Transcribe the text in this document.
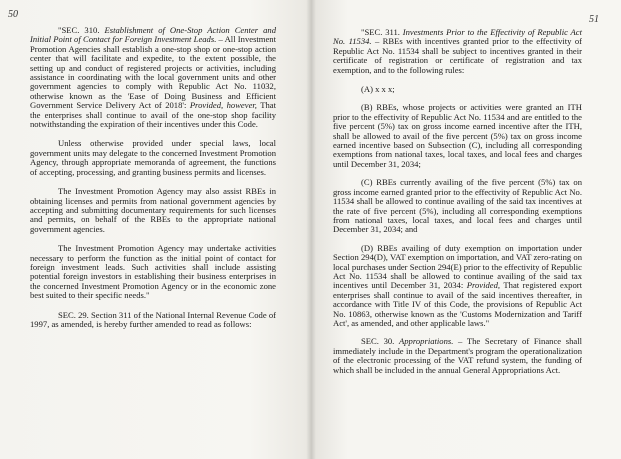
50

"SEC. 310. Establishment of One-Stop Action Center and Initial Point of Contact for Foreign Investment Leads. – All Investment Promotion Agencies shall establish a one-stop shop or one-stop action center that will facilitate and expedite, to the extent possible, the setting up and conduct of registered projects or activities, including assistance in coordinating with the local government units and other government agencies to comply with Republic Act No. 11032, otherwise known as the 'Ease of Doing Business and Efficient Government Service Delivery Act of 2018': Provided, however, That the enterprises shall continue to avail of the one-stop shop facility notwithstanding the expiration of their incentives under this Code.

Unless otherwise provided under special laws, local government units may delegate to the concerned Investment Promotion Agency, through appropriate memoranda of agreement, the functions of accepting, processing, and granting business permits and licenses.

The Investment Promotion Agency may also assist RBEs in obtaining licenses and permits from national government agencies by accepting and submitting documentary requirements for such licenses and permits, on behalf of the RBEs to the appropriate national government agencies.

The Investment Promotion Agency may undertake activities necessary to perform the function as the initial point of contact for foreign investment leads. Such activities shall include assisting potential foreign investors in establishing their business enterprises in the concerned Investment Promotion Agency or in the economic zone best suited to their specific needs."

SEC. 29. Section 311 of the National Internal Revenue Code of 1997, as amended, is hereby further amended to read as follows:

51

"SEC. 311. Investments Prior to the Effectivity of Republic Act No. 11534. – RBEs with incentives granted prior to the effectivity of Republic Act No. 11534 shall be subject to incentives granted in their certificate of registration or certificate of registration and tax exemption, and to the following rules:

(A) x x x;

(B) RBEs, whose projects or activities were granted an ITH prior to the effectivity of Republic Act No. 11534 and are entitled to the five percent (5%) tax on gross income earned incentive after the ITH, shall be allowed to avail of the five percent (5%) tax on gross income earned incentive based on Subsection (C), including all corresponding exemptions from national taxes, local taxes, and local fees and charges until December 31, 2034;

(C) RBEs currently availing of the five percent (5%) tax on gross income earned granted prior to the effectivity of Republic Act No. 11534 shall be allowed to continue availing of the said tax incentives at the rate of five percent (5%), including all corresponding exemptions from national taxes, local taxes, and local fees and charges until December 31, 2034; and

(D) RBEs availing of duty exemption on importation under Section 294(D), VAT exemption on importation, and VAT zero-rating on local purchases under Section 294(E) prior to the effectivity of Republic Act No. 11534 shall be allowed to continue availing of the said tax incentives until December 31, 2034: Provided, That registered export enterprises shall continue to avail of the said incentives thereafter, in accordance with Title IV of this Code, the provisions of Republic Act No. 10863, otherwise known as the 'Customs Modernization and Tariff Act', as amended, and other applicable laws."

SEC. 30. Appropriations. – The Secretary of Finance shall immediately include in the Department's program the operationalization of the electronic processing of the VAT refund system, the funding of which shall be included in the annual General Appropriations Act.
